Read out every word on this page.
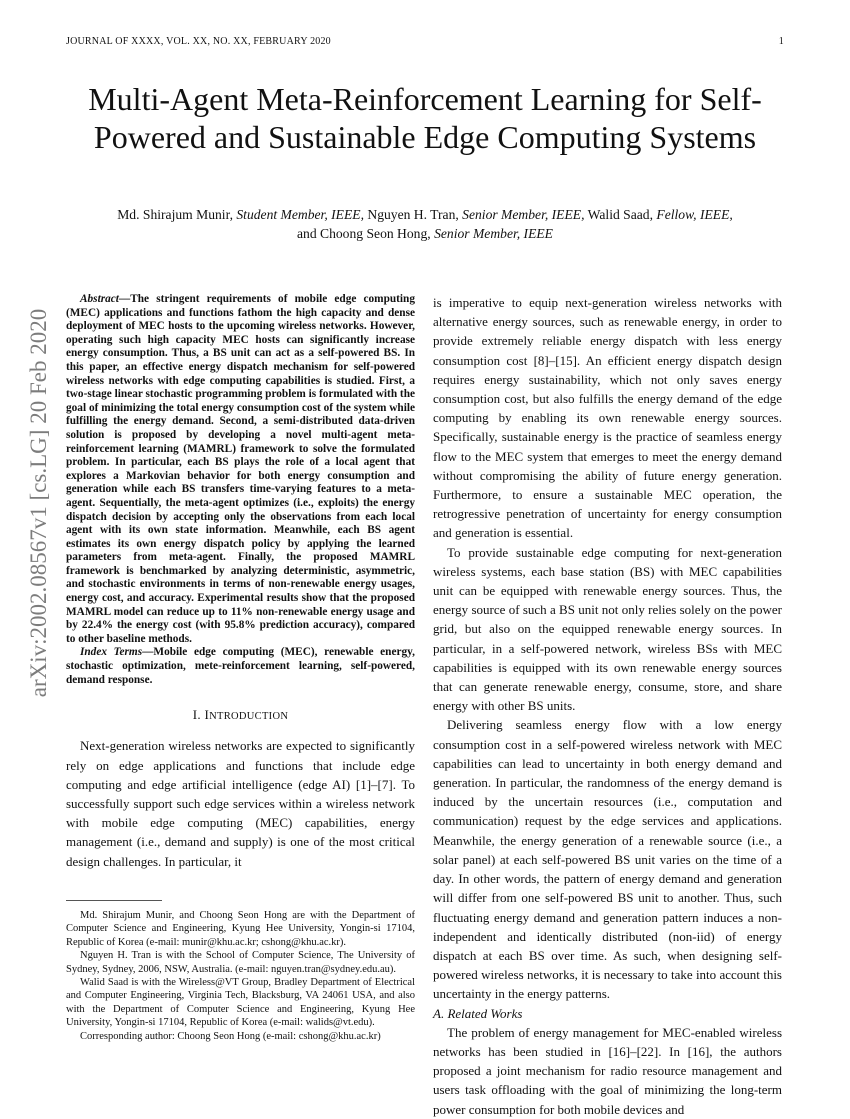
JOURNAL OF XXXX, VOL. XX, NO. XX, FEBRUARY 2020	1
Multi-Agent Meta-Reinforcement Learning for Self-Powered and Sustainable Edge Computing Systems

Md. Shirajum Munir, Student Member, IEEE, Nguyen H. Tran, Senior Member, IEEE, Walid Saad, Fellow, IEEE,
and Choong Seon Hong, Senior Member, IEEE

arXiv:2002.08567v1 [cs.LG] 20 Feb 2020

Abstract—The stringent requirements of mobile edge computing (MEC) applications and functions fathom the high capacity and dense deployment of MEC hosts to the upcoming wireless networks. However, operating such high capacity MEC hosts can significantly increase energy consumption. Thus, a BS unit can act as a self-powered BS. In this paper, an effective energy dispatch mechanism for self-powered wireless networks with edge computing capabilities is studied. First, a two-stage linear stochastic programming problem is formulated with the goal of minimizing the total energy consumption cost of the system while fulfilling the energy demand. Second, a semi-distributed data-driven solution is proposed by developing a novel multi-agent meta-reinforcement learning (MAMRL) framework to solve the formulated problem. In particular, each BS plays the role of a local agent that explores a Markovian behavior for both energy consumption and generation while each BS transfers time-varying features to a meta-agent. Sequentially, the meta-agent optimizes (i.e., exploits) the energy dispatch decision by accepting only the observations from each local agent with its own state information. Meanwhile, each BS agent estimates its own energy dispatch policy by applying the learned parameters from meta-agent. Finally, the proposed MAMRL framework is benchmarked by analyzing deterministic, asymmetric, and stochastic environments in terms of non-renewable energy usages, energy cost, and accuracy. Experimental results show that the proposed MAMRL model can reduce up to 11% non-renewable energy usage and by 22.4% the energy cost (with 95.8% prediction accuracy), compared to other baseline methods.

Index Terms—Mobile edge computing (MEC), renewable energy, stochastic optimization, mete-reinforcement learning, self-powered, demand response.

I. INTRODUCTION

Next-generation wireless networks are expected to significantly rely on edge applications and functions that include edge computing and edge artificial intelligence (edge AI) [1]–[7]. To successfully support such edge services within a wireless network with mobile edge computing (MEC) capabilities, energy management (i.e., demand and supply) is one of the most critical design challenges. In particular, it

Md. Shirajum Munir, and Choong Seon Hong are with the Department of Computer Science and Engineering, Kyung Hee University, Yongin-si 17104, Republic of Korea (e-mail: munir@khu.ac.kr; cshong@khu.ac.kr).

Nguyen H. Tran is with the School of Computer Science, The University of Sydney, Sydney, 2006, NSW, Australia. (e-mail: nguyen.tran@sydney.edu.au).

Walid Saad is with the Wireless@VT Group, Bradley Department of Electrical and Computer Engineering, Virginia Tech, Blacksburg, VA 24061 USA, and also with the Department of Computer Science and Engineering, Kyung Hee University, Yongin-si 17104, Republic of Korea (e-mail: walids@vt.edu).

Corresponding author: Choong Seon Hong (e-mail: cshong@khu.ac.kr)

is imperative to equip next-generation wireless networks with alternative energy sources, such as renewable energy, in order to provide extremely reliable energy dispatch with less energy consumption cost [8]–[15]. An efficient energy dispatch design requires energy sustainability, which not only saves energy consumption cost, but also fulfills the energy demand of the edge computing by enabling its own renewable energy sources. Specifically, sustainable energy is the practice of seamless energy flow to the MEC system that emerges to meet the energy demand without compromising the ability of future energy generation. Furthermore, to ensure a sustainable MEC operation, the retrogressive penetration of uncertainty for energy consumption and generation is essential.

To provide sustainable edge computing for next-generation wireless systems, each base station (BS) with MEC capabilities unit can be equipped with renewable energy sources. Thus, the energy source of such a BS unit not only relies solely on the power grid, but also on the equipped renewable energy sources. In particular, in a self-powered network, wireless BSs with MEC capabilities is equipped with its own renewable energy sources that can generate renewable energy, consume, store, and share energy with other BS units.

Delivering seamless energy flow with a low energy consumption cost in a self-powered wireless network with MEC capabilities can lead to uncertainty in both energy demand and generation. In particular, the randomness of the energy demand is induced by the uncertain resources (i.e., computation and communication) request by the edge services and applications. Meanwhile, the energy generation of a renewable source (i.e., a solar panel) at each self-powered BS unit varies on the time of a day. In other words, the pattern of energy demand and generation will differ from one self-powered BS unit to another. Thus, such fluctuating energy demand and generation pattern induces a non-independent and identically distributed (non-iid) of energy dispatch at each BS over time. As such, when designing self-powered wireless networks, it is necessary to take into account this uncertainty in the energy patterns.

A. Related Works

The problem of energy management for MEC-enabled wireless networks has been studied in [16]–[22]. In [16], the authors proposed a joint mechanism for radio resource management and users task offloading with the goal of minimizing the long-term power consumption for both mobile devices and
